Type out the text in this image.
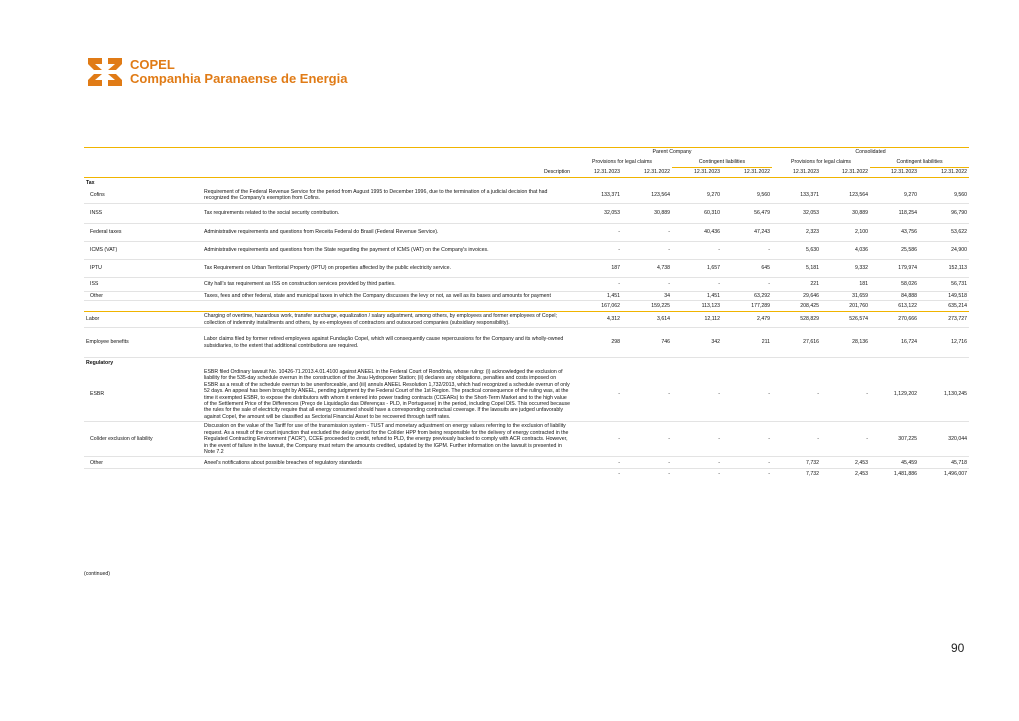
COPEL
Companhia Paranaense de Energia
		Parent Company				Consolidated			
		Provisions for legal claims		Contingent liabilities		Provisions for legal claims		Contingent liabilities	
	Description	12.31.2023	12.31.2022	12.31.2023	12.31.2022	12.31.2023	12.31.2022	12.31.2023	12.31.2022
Tax									
Cofins	Requirement of the Federal Revenue Service for the period from August 1995 to December 1996, due to the termination of a judicial decision that had recognized the Company's exemption from Cofins.	133,371	123,564	9,270	9,560	133,371	123,564	9,270	9,560
INSS	Tax requirements related to the social security contribution.	32,053	30,889	60,310	56,479	32,053	30,889	118,254	96,790
Federal taxes	Administrative requirements and questions from Receita Federal do Brasil (Federal Revenue Service).	-	-	40,436	47,243	2,323	2,100	43,756	53,622
ICMS (VAT)	Administrative requirements and questions from the State regarding the payment of ICMS (VAT) on the Company's invoices.	-	-	-	-	5,630	4,036	25,586	24,900
IPTU	Tax Requirement on Urban Territorial Property (IPTU) on properties affected by the public electricity service.	187	4,738	1,657	645	5,181	9,332	179,974	152,113
ISS	City hall's tax requirement as ISS on construction services provided by third parties.	-	-	-	-	221	181	58,026	56,731
Other	Taxes, fees and other federal, state and municipal taxes in which the Company discusses the levy or not, as well as its bases and amounts for payment	1,451	34	1,451	63,292	29,646	31,659	84,888	149,518
		167,062	159,225	113,123	177,289	208,425	201,760	613,122	635,214
Labor	Charging of overtime, hazardous work, transfer surcharge, equalization / salary adjustment, among others, by employees and former employees of Copel; collection of indemnity installments and others, by ex-employees of contractors and outsourced companies (subsidiary responsibility).	4,312	3,614	12,112	2,479	528,829	526,574	270,666	273,727
Employee benefits	Labor claims filed by former retired employees against Fundação Copel, which will consequently cause repercussions for the Company and its wholly-owned subsidiaries, to the extent that additional contributions are required.	298	746	342	211	27,616	28,136	16,724	12,716
Regulatory									
ESBR	ESBR filed Ordinary lawsuit No. 10426-71.2013.4.01.4100 against ANEEL in the Federal Court of Rondônia, whose ruling: (i) acknowledged the exclusion of liability for the 535-day schedule overrun in the construction of the Jirau Hydropower Station; (ii) declares any obligations, penalties and costs imposed on ESBR as a result of the schedule overrun to be unenforceable, and (iii) annuls ANEEL Resolution 1,732/2013, which had recognized a schedule overrun of only 52 days. An appeal has been brought by ANEEL, pending judgment by the Federal Court of the 1st Region. The practical consequence of the ruling was, at the time it exempted ESBR, to expose the distributors with whom it entered into power trading contracts (CCEARs) to the Short-Term Market and to the high value of the Settlement Price of the Differences (Preço de Liquidação das Diferenças - PLD, in Portuguese) in the period, including Copel DIS. This occurred because the rules for the sale of electricity require that all energy consumed should have a corresponding contractual coverage. If the lawsuits are judged unfavorably against Copel, the amount will be classified as Sectorial Financial Asset to be recovered through tariff rates.	-	-	-	-	-	-	1,129,202	1,130,245
Colíder exclusion of liability	Discussion on the value of the Tariff for use of the transmission system - TUST and monetary adjustment on energy values referring to the exclusion of liability request. As a result of the court injunction that excluded the delay period for the Colíder HPP from being responsible for the delivery of energy contracted in the Regulated Contracting Environment ("ACR"), CCEE proceeded to credit, refund to PLD, the energy previously backed to comply with ACR contracts. However, in the event of failure in the lawsuit, the Company must return the amounts credited, updated by the IGPM. Further information on the lawsuit is presented in Note 7.2	-	-	-	-	-	-	307,225	320,044
Other	Aneel's notifications about possible breaches of regulatory standards	-	-	-	-	7,732	2,453	45,459	45,718
		-	-	-	-	7,732	2,453	1,481,886	1,496,007
(continued)
90
